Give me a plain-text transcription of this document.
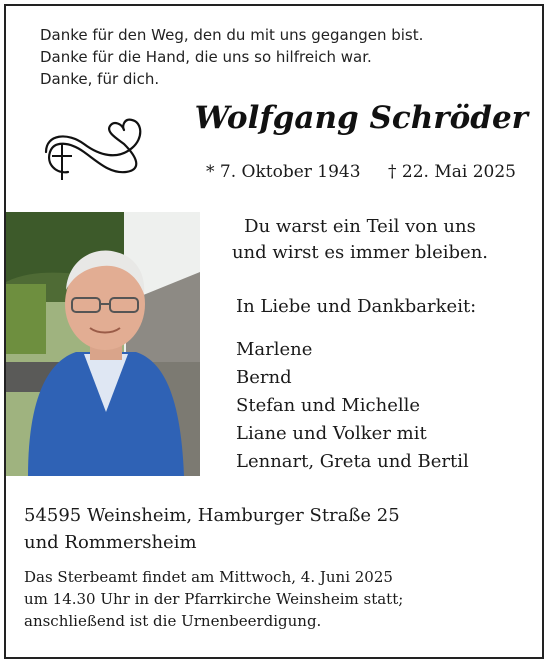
Danke für den Weg, den du mit uns gegangen bist.
Danke für die Hand, die uns so hilfreich war.
Danke, für dich.
Wolfgang Schröder
* 7. Oktober 1943 † 22. Mai 2025
Du warst ein Teil von uns
und wirst es immer bleiben.
In Liebe und Dankbarkeit:
Marlene
Bernd
Stefan und Michelle
Liane und Volker mit
Lennart, Greta und Bertil
54595 Weinsheim, Hamburger Straße 25
und Rommersheim
Das Sterbeamt findet am Mittwoch, 4. Juni 2025
um 14.30 Uhr in der Pfarrkirche Weinsheim statt;
anschließend ist die Urnenbeerdigung.
